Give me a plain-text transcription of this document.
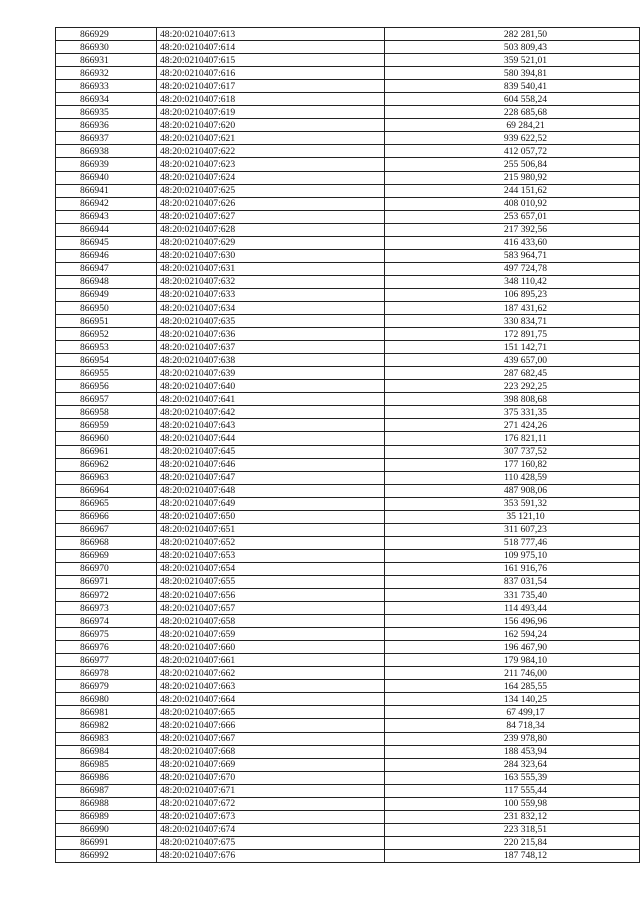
866929	48:20:0210407:613	282 281,50
866930	48:20:0210407:614	503 809,43
866931	48:20:0210407:615	359 521,01
866932	48:20:0210407:616	580 394,81
866933	48:20:0210407:617	839 540,41
866934	48:20:0210407:618	604 558,24
866935	48:20:0210407:619	228 685,68
866936	48:20:0210407:620	69 284,21
866937	48:20:0210407:621	939 622,52
866938	48:20:0210407:622	412 057,72
866939	48:20:0210407:623	255 506,84
866940	48:20:0210407:624	215 980,92
866941	48:20:0210407:625	244 151,62
866942	48:20:0210407:626	408 010,92
866943	48:20:0210407:627	253 657,01
866944	48:20:0210407:628	217 392,56
866945	48:20:0210407:629	416 433,60
866946	48:20:0210407:630	583 964,71
866947	48:20:0210407:631	497 724,78
866948	48:20:0210407:632	348 110,42
866949	48:20:0210407:633	106 895,23
866950	48:20:0210407:634	187 431,62
866951	48:20:0210407:635	330 834,71
866952	48:20:0210407:636	172 891,75
866953	48:20:0210407:637	151 142,71
866954	48:20:0210407:638	439 657,00
866955	48:20:0210407:639	287 682,45
866956	48:20:0210407:640	223 292,25
866957	48:20:0210407:641	398 808,68
866958	48:20:0210407:642	375 331,35
866959	48:20:0210407:643	271 424,26
866960	48:20:0210407:644	176 821,11
866961	48:20:0210407:645	307 737,52
866962	48:20:0210407:646	177 160,82
866963	48:20:0210407:647	110 428,59
866964	48:20:0210407:648	487 908,06
866965	48:20:0210407:649	353 591,32
866966	48:20:0210407:650	35 121,10
866967	48:20:0210407:651	311 607,23
866968	48:20:0210407:652	518 777,46
866969	48:20:0210407:653	109 975,10
866970	48:20:0210407:654	161 916,76
866971	48:20:0210407:655	837 031,54
866972	48:20:0210407:656	331 735,40
866973	48:20:0210407:657	114 493,44
866974	48:20:0210407:658	156 496,96
866975	48:20:0210407:659	162 594,24
866976	48:20:0210407:660	196 467,90
866977	48:20:0210407:661	179 984,10
866978	48:20:0210407:662	211 746,00
866979	48:20:0210407:663	164 285,55
866980	48:20:0210407:664	134 140,25
866981	48:20:0210407:665	67 499,17
866982	48:20:0210407:666	84 718,34
866983	48:20:0210407:667	239 978,80
866984	48:20:0210407:668	188 453,94
866985	48:20:0210407:669	284 323,64
866986	48:20:0210407:670	163 555,39
866987	48:20:0210407:671	117 555,44
866988	48:20:0210407:672	100 559,98
866989	48:20:0210407:673	231 832,12
866990	48:20:0210407:674	223 318,51
866991	48:20:0210407:675	220 215,84
866992	48:20:0210407:676	187 748,12
